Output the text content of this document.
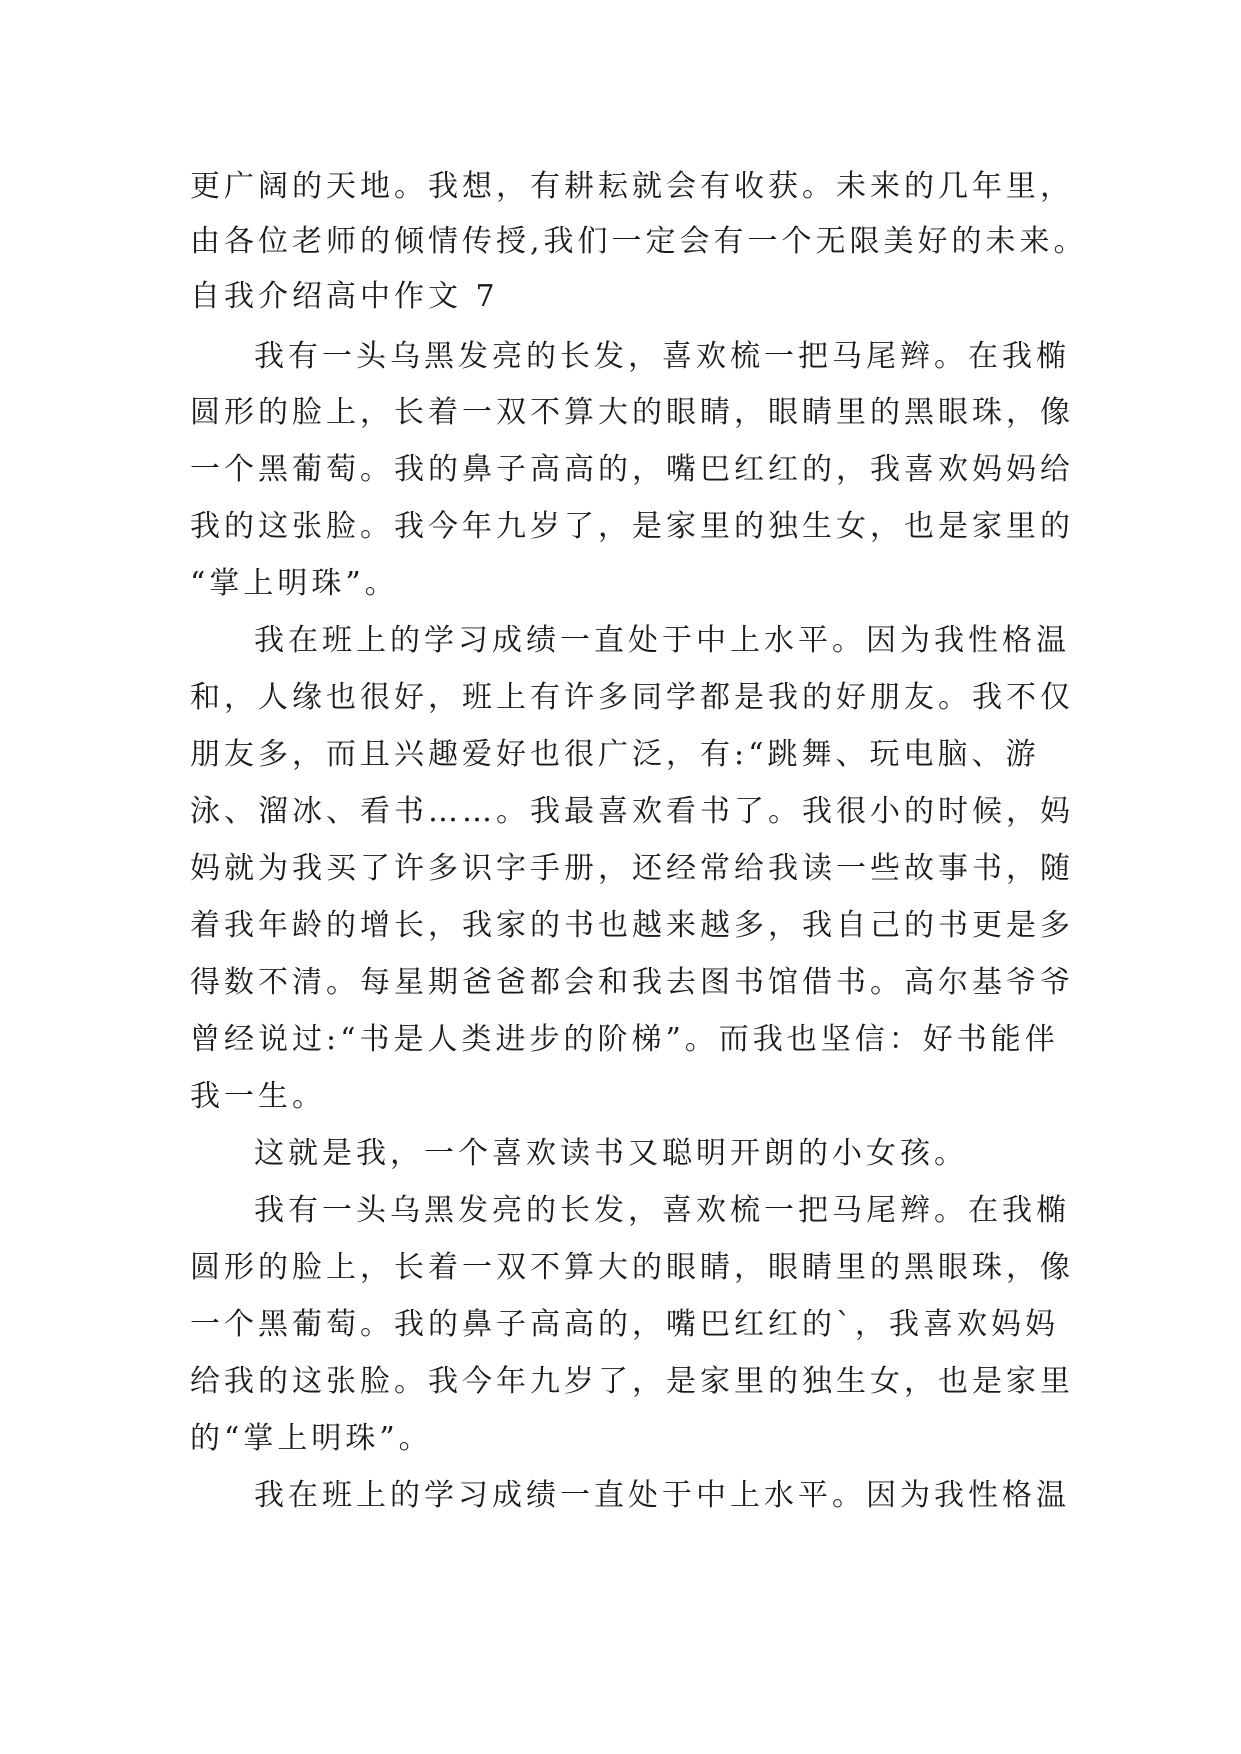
更广阔的天地。我想，有耕耘就会有收获。未来的几年里，
由各位老师的倾情传授,我们一定会有一个无限美好的未来。
自我介绍高中作文 7
我有一头乌黑发亮的长发，喜欢梳一把马尾辫。在我椭
圆形的脸上，长着一双不算大的眼睛，眼睛里的黑眼珠，像
一个黑葡萄。我的鼻子高高的，嘴巴红红的，我喜欢妈妈给
我的这张脸。我今年九岁了，是家里的独生女，也是家里的
“掌上明珠”。
我在班上的学习成绩一直处于中上水平。因为我性格温
和，人缘也很好，班上有许多同学都是我的好朋友。我不仅
朋友多，而且兴趣爱好也很广泛，有:“跳舞、玩电脑、游
泳、溜冰、看书……。我最喜欢看书了。我很小的时候，妈
妈就为我买了许多识字手册，还经常给我读一些故事书，随
着我年龄的增长，我家的书也越来越多，我自己的书更是多
得数不清。每星期爸爸都会和我去图书馆借书。高尔基爷爷
曾经说过:“书是人类进步的阶梯”。而我也坚信：好书能伴
我一生。
这就是我，一个喜欢读书又聪明开朗的小女孩。
我有一头乌黑发亮的长发，喜欢梳一把马尾辫。在我椭
圆形的脸上，长着一双不算大的眼睛，眼睛里的黑眼珠，像
一个黑葡萄。我的鼻子高高的，嘴巴红红的`，我喜欢妈妈
给我的这张脸。我今年九岁了，是家里的独生女，也是家里
的“掌上明珠”。
我在班上的学习成绩一直处于中上水平。因为我性格温
